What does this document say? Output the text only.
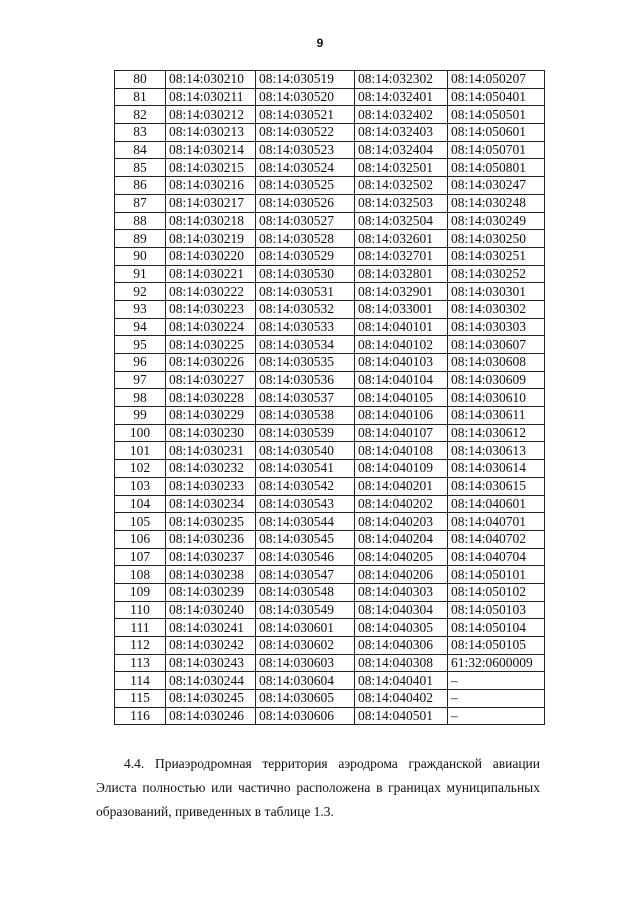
9
80	08:14:030210	08:14:030519	08:14:032302	08:14:050207
81	08:14:030211	08:14:030520	08:14:032401	08:14:050401
82	08:14:030212	08:14:030521	08:14:032402	08:14:050501
83	08:14:030213	08:14:030522	08:14:032403	08:14:050601
84	08:14:030214	08:14:030523	08:14:032404	08:14:050701
85	08:14:030215	08:14:030524	08:14:032501	08:14:050801
86	08:14:030216	08:14:030525	08:14:032502	08:14:030247
87	08:14:030217	08:14:030526	08:14:032503	08:14:030248
88	08:14:030218	08:14:030527	08:14:032504	08:14:030249
89	08:14:030219	08:14:030528	08:14:032601	08:14:030250
90	08:14:030220	08:14:030529	08:14:032701	08:14:030251
91	08:14:030221	08:14:030530	08:14:032801	08:14:030252
92	08:14:030222	08:14:030531	08:14:032901	08:14:030301
93	08:14:030223	08:14:030532	08:14:033001	08:14:030302
94	08:14:030224	08:14:030533	08:14:040101	08:14:030303
95	08:14:030225	08:14:030534	08:14:040102	08:14:030607
96	08:14:030226	08:14:030535	08:14:040103	08:14:030608
97	08:14:030227	08:14:030536	08:14:040104	08:14:030609
98	08:14:030228	08:14:030537	08:14:040105	08:14:030610
99	08:14:030229	08:14:030538	08:14:040106	08:14:030611
100	08:14:030230	08:14:030539	08:14:040107	08:14:030612
101	08:14:030231	08:14:030540	08:14:040108	08:14:030613
102	08:14:030232	08:14:030541	08:14:040109	08:14:030614
103	08:14:030233	08:14:030542	08:14:040201	08:14:030615
104	08:14:030234	08:14:030543	08:14:040202	08:14:040601
105	08:14:030235	08:14:030544	08:14:040203	08:14:040701
106	08:14:030236	08:14:030545	08:14:040204	08:14:040702
107	08:14:030237	08:14:030546	08:14:040205	08:14:040704
108	08:14:030238	08:14:030547	08:14:040206	08:14:050101
109	08:14:030239	08:14:030548	08:14:040303	08:14:050102
110	08:14:030240	08:14:030549	08:14:040304	08:14:050103
111	08:14:030241	08:14:030601	08:14:040305	08:14:050104
112	08:14:030242	08:14:030602	08:14:040306	08:14:050105
113	08:14:030243	08:14:030603	08:14:040308	61:32:0600009
114	08:14:030244	08:14:030604	08:14:040401	–
115	08:14:030245	08:14:030605	08:14:040402	–
116	08:14:030246	08:14:030606	08:14:040501	–

4.4. Приаэродромная территория аэродрома гражданской авиации Элиста полностью или частично расположена в границах муниципальных образований, приведенных в таблице 1.3.
